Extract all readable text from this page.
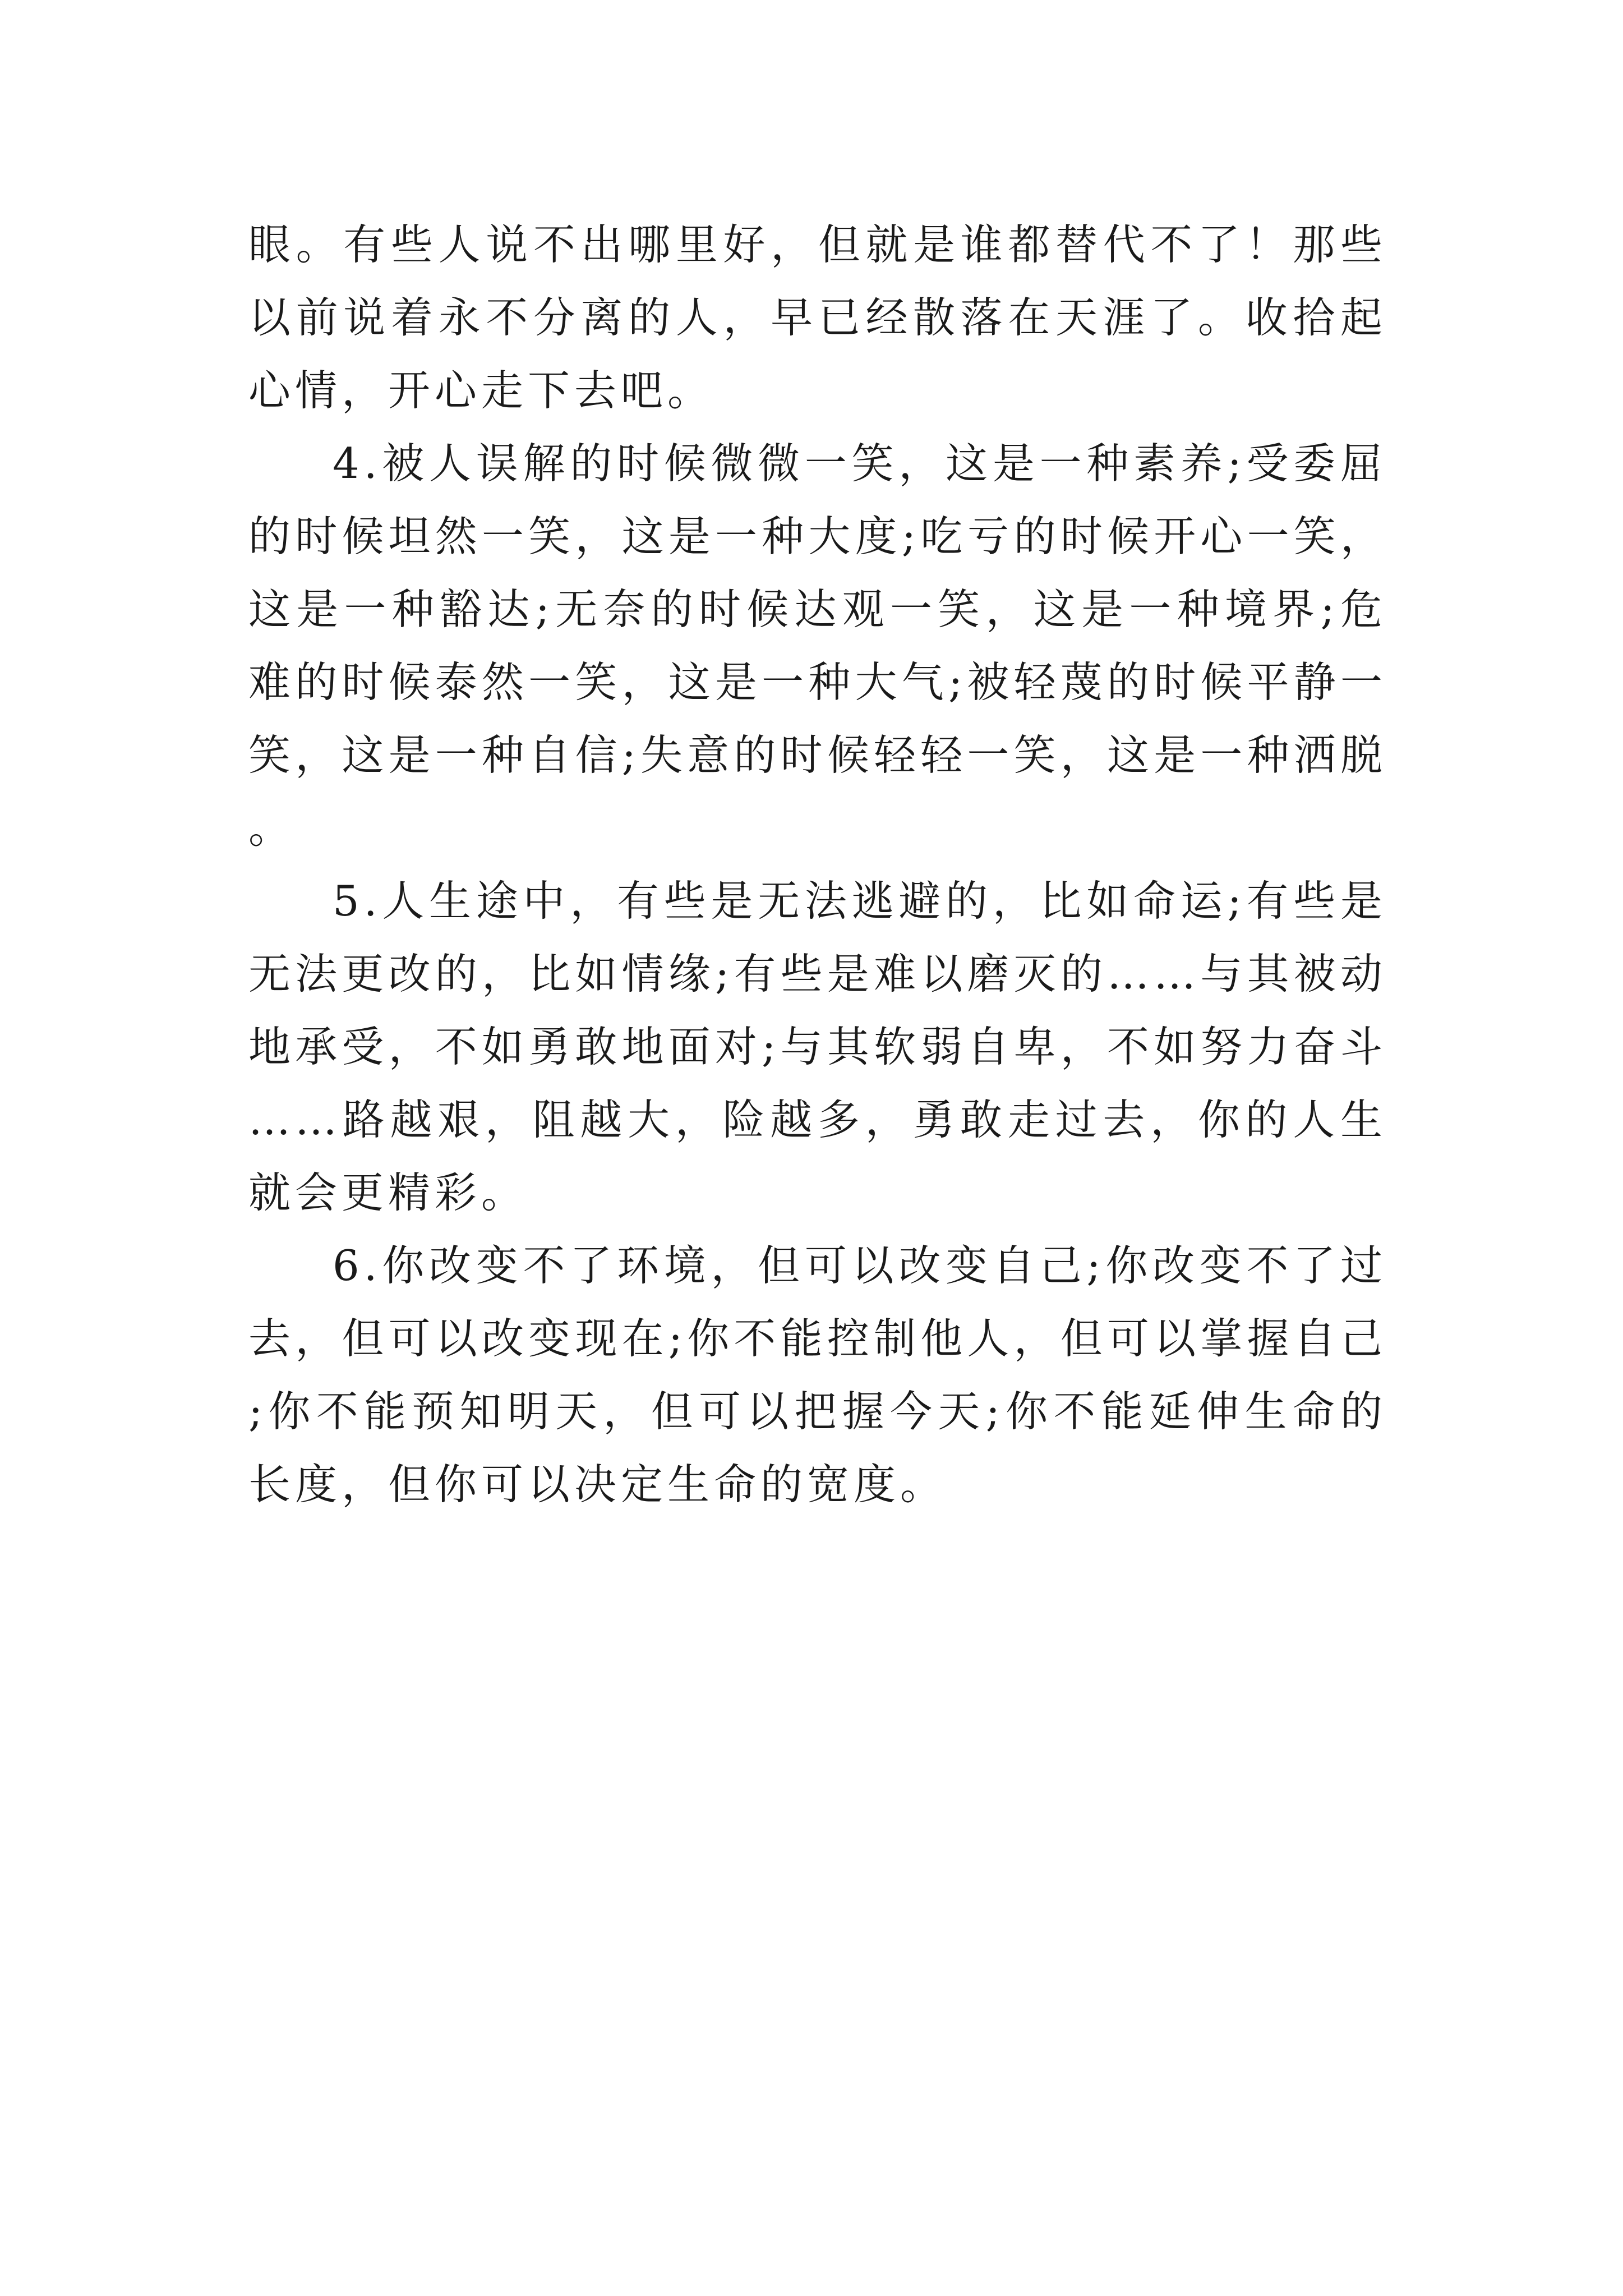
眼。有些人说不出哪里好，但就是谁都替代不了！那些以前说着永不分离的人，早已经散落在天涯了。收拾起心情，开心走下去吧。

4.被人误解的时候微微一笑，这是一种素养;受委屈的时候坦然一笑，这是一种大度;吃亏的时候开心一笑，这是一种豁达;无奈的时候达观一笑，这是一种境界;危难的时候泰然一笑，这是一种大气;被轻蔑的时候平静一笑，这是一种自信;失意的时候轻轻一笑，这是一种洒脱。

5.人生途中，有些是无法逃避的，比如命运;有些是无法更改的，比如情缘;有些是难以磨灭的……与其被动地承受，不如勇敢地面对;与其软弱自卑，不如努力奋斗……路越艰，阻越大，险越多，勇敢走过去，你的人生就会更精彩。

6.你改变不了环境，但可以改变自己;你改变不了过去，但可以改变现在;你不能控制他人，但可以掌握自己;你不能预知明天，但可以把握今天;你不能延伸生命的长度，但你可以决定生命的宽度。
